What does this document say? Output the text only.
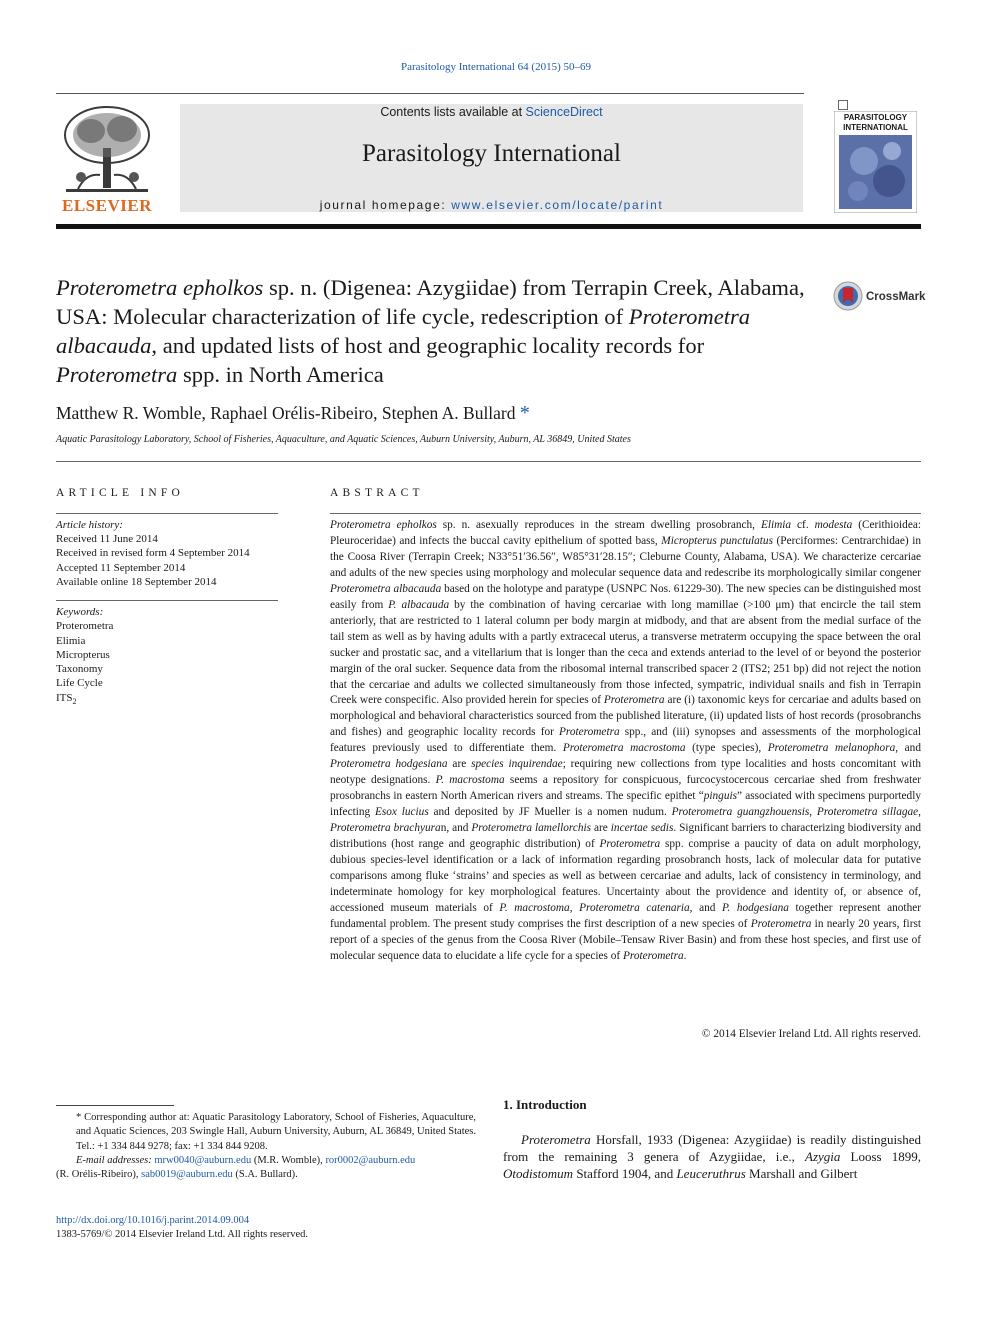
Parasitology International 64 (2015) 50–69
ELSEVIER
Contents lists available at ScienceDirect
Parasitology International
journal homepage: www.elsevier.com/locate/parint
PARASITOLOGY
INTERNATIONAL
Proterometra epholkos sp. n. (Digenea: Azygiidae) from Terrapin Creek, Alabama, USA: Molecular characterization of life cycle, redescription of Proterometra albacauda, and updated lists of host and geographic locality records for Proterometra spp. in North America
CrossMark
Matthew R. Womble, Raphael Orélis-Ribeiro, Stephen A. Bullard *
Aquatic Parasitology Laboratory, School of Fisheries, Aquaculture, and Aquatic Sciences, Auburn University, Auburn, AL 36849, United States
ARTICLE INFO
Article history:
Received 11 June 2014
Received in revised form 4 September 2014
Accepted 11 September 2014
Available online 18 September 2014
Keywords:
Proterometra
Elimia
Micropterus
Taxonomy
Life Cycle
$ITS_2$
ABSTRACT
Proterometra epholkos sp. n. asexually reproduces in the stream dwelling prosobranch, Elimia cf. modesta (Cerithioidea: Pleuroceridae) and infects the buccal cavity epithelium of spotted bass, Micropterus punctulatus (Perciformes: Centrarchidae) in the Coosa River (Terrapin Creek; N33°51′36.56″, W85°31′28.15″; Cleburne County, Alabama, USA). We characterize cercariae and adults of the new species using morphology and molecular sequence data and redescribe its morphologically similar congener Proterometra albacauda based on the holotype and paratype (USNPC Nos. 61229-30). The new species can be distinguished most easily from P. albacauda by the combination of having cercariae with long mamillae (>100 μm) that encircle the tail stem anteriorly, that are restricted to 1 lateral column per body margin at midbody, and that are absent from the medial surface of the tail stem as well as by having adults with a partly extracecal uterus, a transverse metraterm occupying the space between the oral sucker and prostatic sac, and a vitellarium that is longer than the ceca and extends anteriad to the level of or beyond the posterior margin of the oral sucker. Sequence data from the ribosomal internal transcribed spacer 2 (ITS2; 251 bp) did not reject the notion that the cercariae and adults we collected simultaneously from those infected, sympatric, individual snails and fish in Terrapin Creek were conspecific. Also provided herein for species of Proterometra are (i) taxonomic keys for cercariae and adults based on morphological and behavioral characteristics sourced from the published literature, (ii) updated lists of host records (prosobranchs and fishes) and geographic locality records for Proterometra spp., and (iii) synopses and assessments of the morphological features previously used to differentiate them. Proterometra macrostoma (type species), Proterometra melanophora, and Proterometra hodgesiana are species inquirendae; requiring new collections from type localities and hosts concomitant with neotype designations. P. macrostoma seems a repository for conspicuous, furcocystocercous cercariae shed from freshwater prosobranchs in eastern North American rivers and streams. The specific epithet “pinguis” associated with specimens purportedly infecting Esox lucius and deposited by JF Mueller is a nomen nudum. Proterometra guangzhouensis, Proterometra sillagae, Proterometra brachyuran, and Proterometra lamellorchis are incertae sedis. Significant barriers to characterizing biodiversity and distributions (host range and geographic distribution) of Proterometra spp. comprise a paucity of data on adult morphology, dubious species-level identification or a lack of information regarding prosobranch hosts, lack of molecular data for putative comparisons among fluke ‘strains’ and species as well as between cercariae and adults, lack of consistency in terminology, and indeterminate homology for key morphological features. Uncertainty about the providence and identity of, or absence of, accessioned museum materials of P. macrostoma, Proterometra catenaria, and P. hodgesiana together represent another fundamental problem. The present study comprises the first description of a new species of Proterometra in nearly 20 years, first report of a species of the genus from the Coosa River (Mobile–Tensaw River Basin) and from these host species, and first use of molecular sequence data to elucidate a life cycle for a species of Proterometra.
© 2014 Elsevier Ireland Ltd. All rights reserved.
* Corresponding author at: Aquatic Parasitology Laboratory, School of Fisheries, Aquaculture, and Aquatic Sciences, 203 Swingle Hall, Auburn University, Auburn, AL 36849, United States. Tel.: +1 334 844 9278; fax: +1 334 844 9208.
E-mail addresses: mrw0040@auburn.edu (M.R. Womble), ror0002@auburn.edu
(R. Orélis-Ribeiro), sab0019@auburn.edu (S.A. Bullard).
http://dx.doi.org/10.1016/j.parint.2014.09.004
1383-5769/© 2014 Elsevier Ireland Ltd. All rights reserved.
1. Introduction
Proterometra Horsfall, 1933 (Digenea: Azygiidae) is readily distinguished from the remaining 3 genera of Azygiidae, i.e., Azygia Looss 1899, Otodistomum Stafford 1904, and Leuceruthrus Marshall and Gilbert
